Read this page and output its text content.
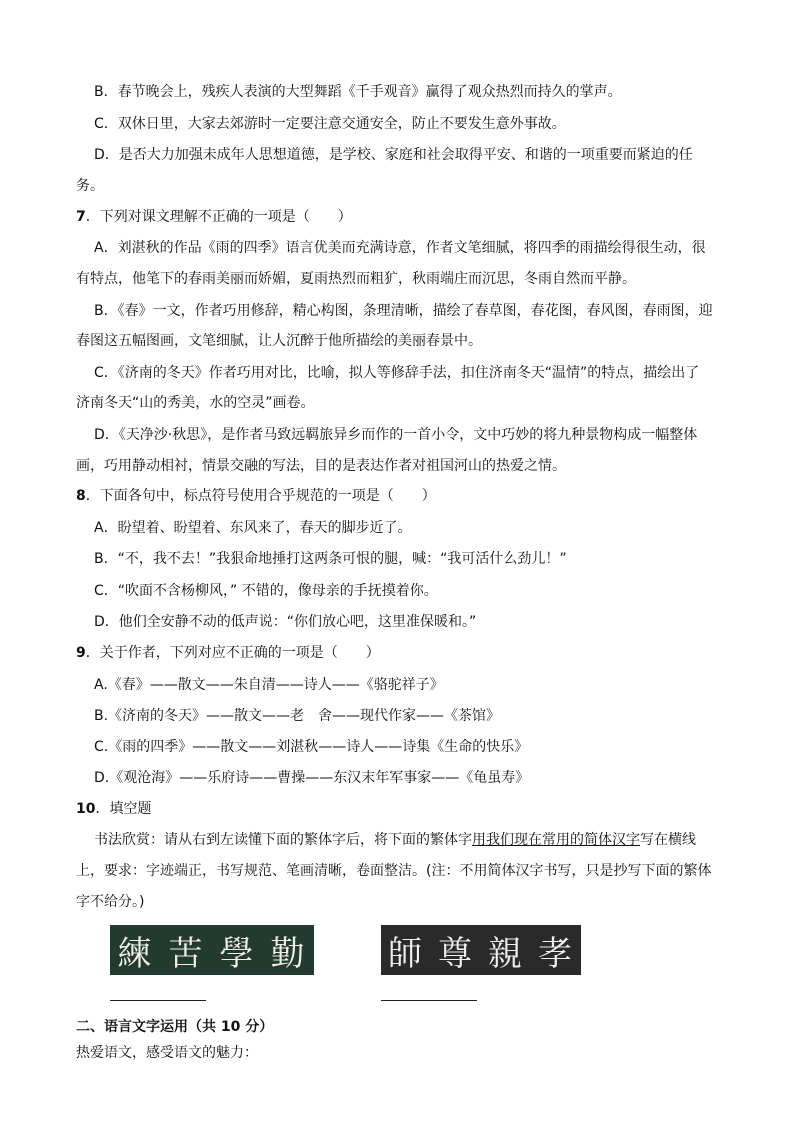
B．春节晚会上，残疾人表演的大型舞蹈《千手观音》赢得了观众热烈而持久的掌声。
C．双休日里，大家去郊游时一定要注意交通安全，防止不要发生意外事故。
D．是否大力加强未成年人思想道德，是学校、家庭和社会取得平安、和谐的一项重要而紧迫的任
务。
7．下列对课文理解不正确的一项是（　　）
A．刘湛秋的作品《雨的四季》语言优美而充满诗意，作者文笔细腻，将四季的雨描绘得很生动，很
有特点，他笔下的春雨美丽而娇媚，夏雨热烈而粗犷，秋雨端庄而沉思，冬雨自然而平静。
B．《春》一文，作者巧用修辞，精心构图，条理清晰，描绘了春草图，春花图，春风图，春雨图，迎
春图这五幅图画，文笔细腻，让人沉醉于他所描绘的美丽春景中。
C．《济南的冬天》作者巧用对比，比喻，拟人等修辞手法，扣住济南冬天“温情”的特点，描绘出了
济南冬天“山的秀美，水的空灵”画卷。
D．《天净沙·秋思》，是作者马致远羁旅异乡而作的一首小令，文中巧妙的将九种景物构成一幅整体
画，巧用静动相衬，情景交融的写法，目的是表达作者对祖国河山的热爱之情。
8．下面各句中，标点符号使用合乎规范的一项是（　　）
A．盼望着、盼望着、东风来了，春天的脚步近了。
B．“不，我不去！”我狠命地捶打这两条可恨的腿，喊：“我可活什么劲儿！”
C．“吹面不含杨柳风，” 不错的，像母亲的手抚摸着你。
D．他们全安静不动的低声说：“你们放心吧，这里准保暖和。”
9．关于作者，下列对应不正确的一项是（　　）
A.《春》——散文——朱自清——诗人——《骆驼祥子》
B.《济南的冬天》——散文——老　舍——现代作家——《茶馆》
C.《雨的四季》——散文——刘湛秋——诗人——诗集《生命的快乐》
D.《观沧海》——乐府诗——曹操——东汉末年军事家——《龟虽寿》
10．填空题
书法欣赏：请从右到左读懂下面的繁体字后，将下面的繁体字用我们现在常用的简体汉字写在横线
上，要求：字迹端正，书写规范、笔画清晰，卷面整洁。(注：不用简体汉字书写，只是抄写下面的繁体
字不给分。)
練 苦 學 勤 師 尊 親 孝
二、语言文字运用（共 10 分）
热爱语文，感受语文的魅力：
